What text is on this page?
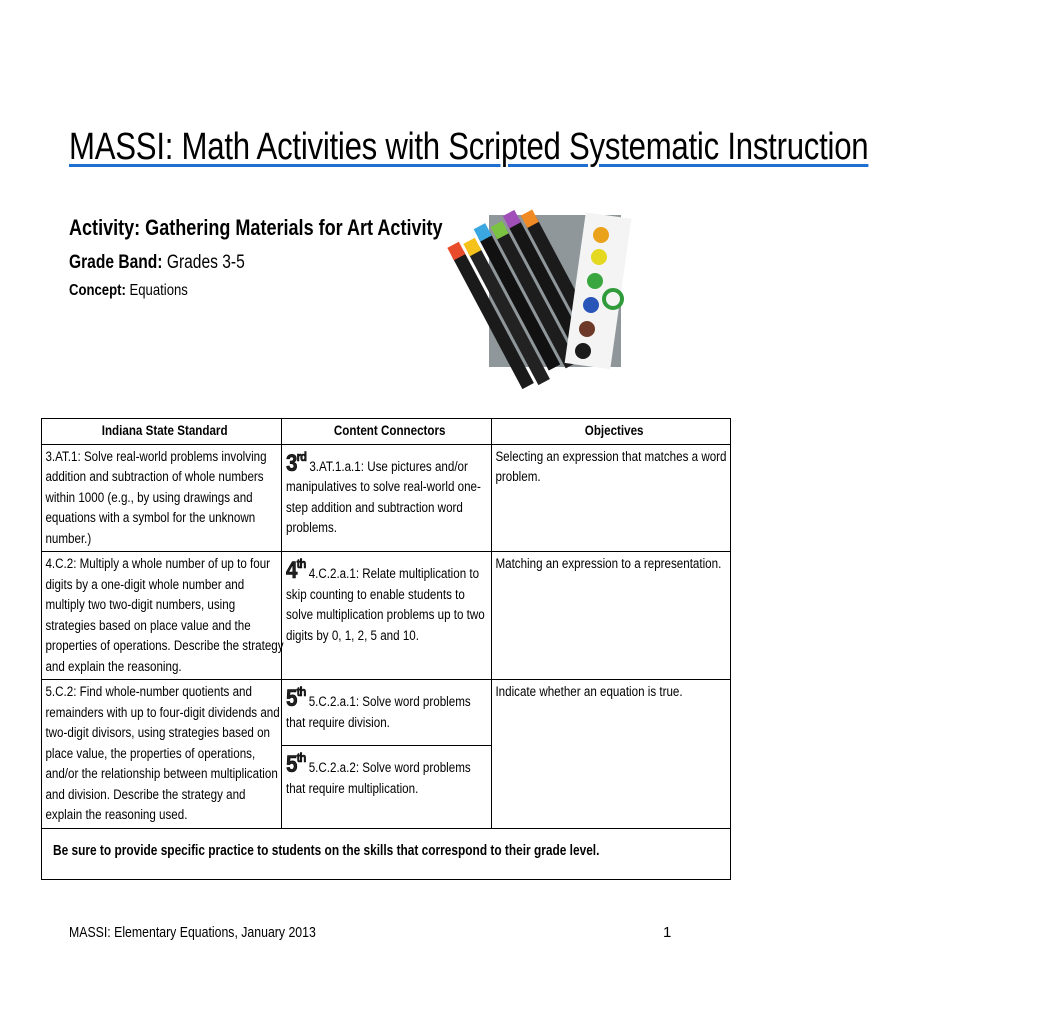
MASSI: Math Activities with Scripted Systematic Instruction
Activity: Gathering Materials for Art Activity
Grade Band: Grades 3-5
Concept: Equations
Indiana State Standard	Content Connectors	Objectives

3.AT.1: Solve real-world problems involving addition and subtraction of whole numbers within 1000 (e.g., by using drawings and equations with a symbol for the unknown number.)	3rd 3.AT.1.a.1: Use pictures and/or manipulatives to solve real-world one-step addition and subtraction word problems.	Selecting an expression that matches a word problem.

4.C.2: Multiply a whole number of up to four digits by a one-digit whole number and multiply two two-digit numbers, using strategies based on place value and the properties of operations. Describe the strategy and explain the reasoning.	4th 4.C.2.a.1: Relate multiplication to skip counting to enable students to solve multiplication problems up to two digits by 0, 1, 2, 5 and 10.	Matching an expression to a representation.

5.C.2: Find whole-number quotients and remainders with up to four-digit dividends and two-digit divisors, using strategies based on place value, the properties of operations, and/or the relationship between multiplication and division. Describe the strategy and explain the reasoning used.	5th 5.C.2.a.1: Solve word problems that require division.
5th 5.C.2.a.2: Solve word problems that require multiplication.	Indicate whether an equation is true.

Be sure to provide specific practice to students on the skills that correspond to their grade level.		
MASSI: Elementary Equations, January 2013	1
